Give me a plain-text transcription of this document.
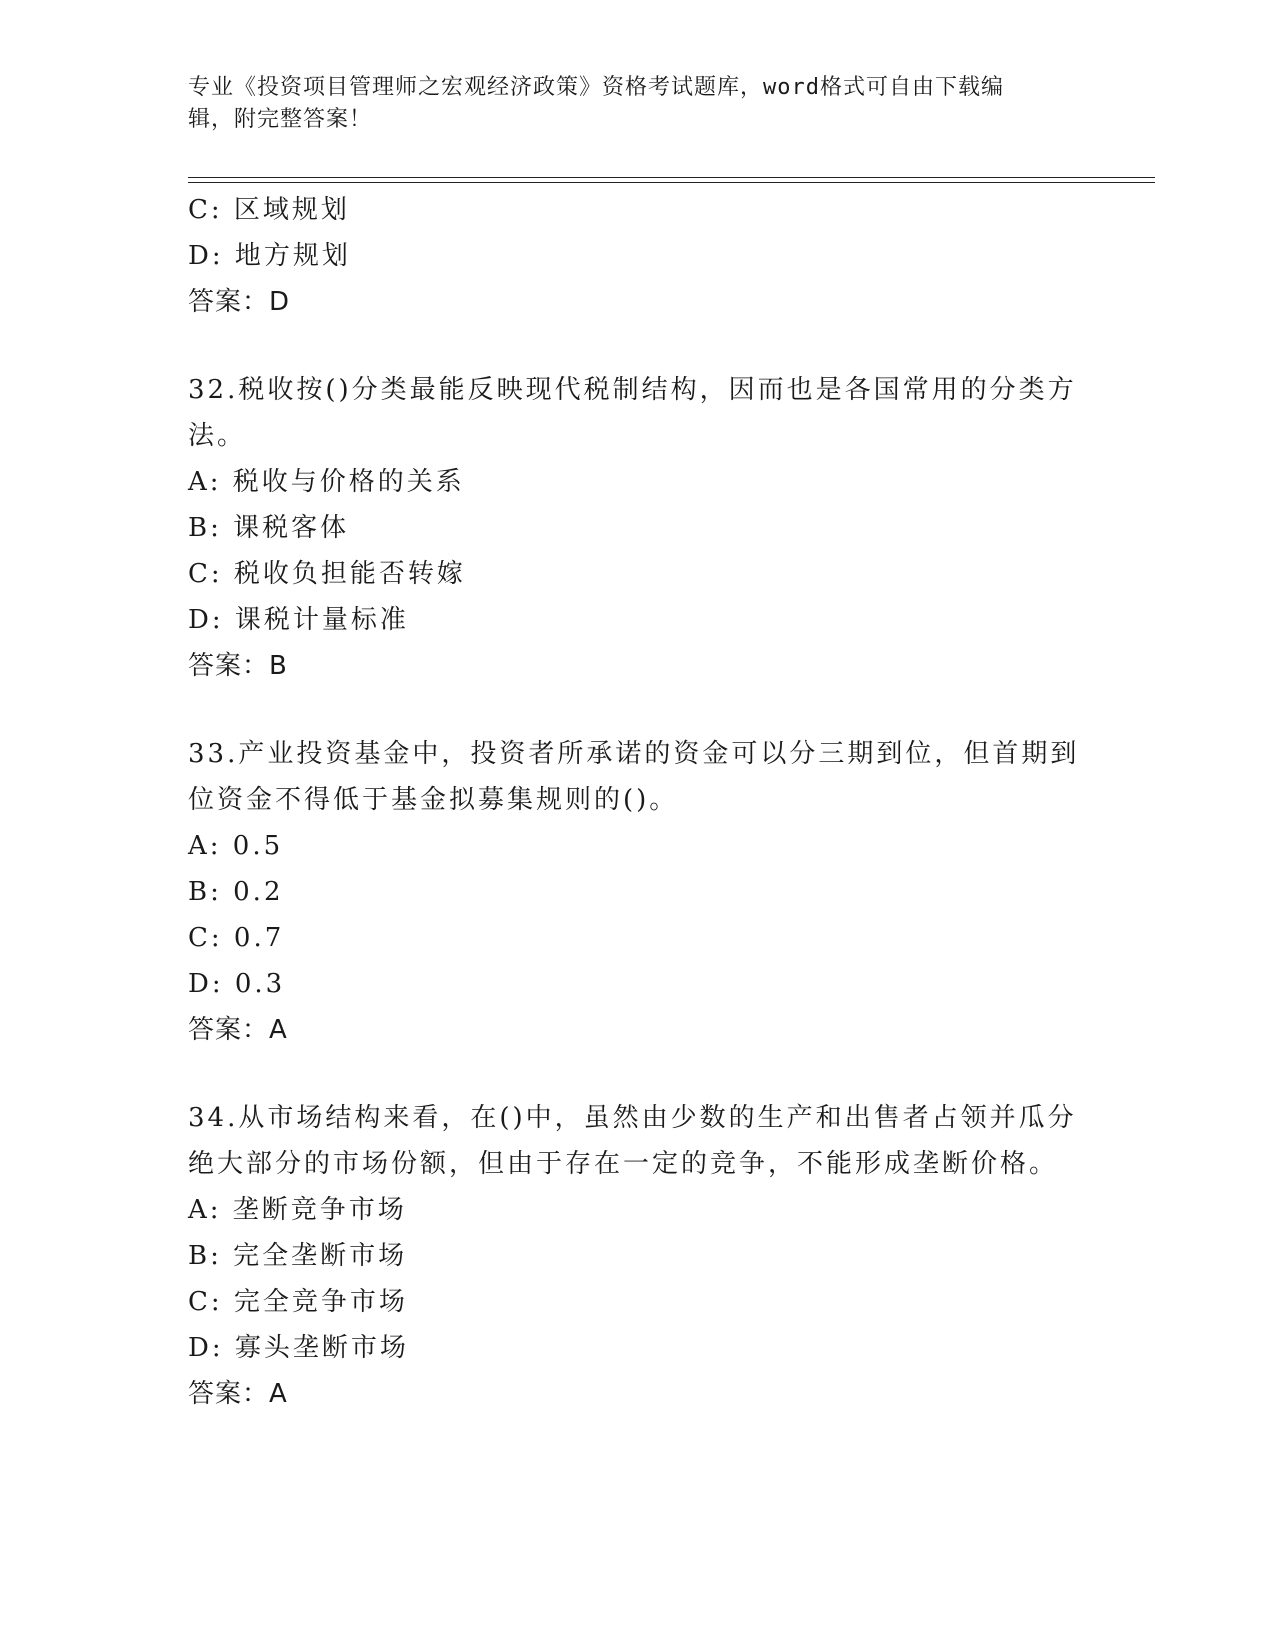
专业《投资项目管理师之宏观经济政策》资格考试题库，word格式可自由下载编
辑，附完整答案！
C: 区域规划
D: 地方规划
答案：D
32.税收按()分类最能反映现代税制结构，因而也是各国常用的分类方
法。
A: 税收与价格的关系
B: 课税客体
C: 税收负担能否转嫁
D: 课税计量标准
答案：B
33.产业投资基金中，投资者所承诺的资金可以分三期到位，但首期到
位资金不得低于基金拟募集规则的()。
A: 0.5
B: 0.2
C: 0.7
D: 0.3
答案：A
34.从市场结构来看，在()中，虽然由少数的生产和出售者占领并瓜分
绝大部分的市场份额，但由于存在一定的竞争，不能形成垄断价格。
A: 垄断竞争市场
B: 完全垄断市场
C: 完全竞争市场
D: 寡头垄断市场
答案：A
